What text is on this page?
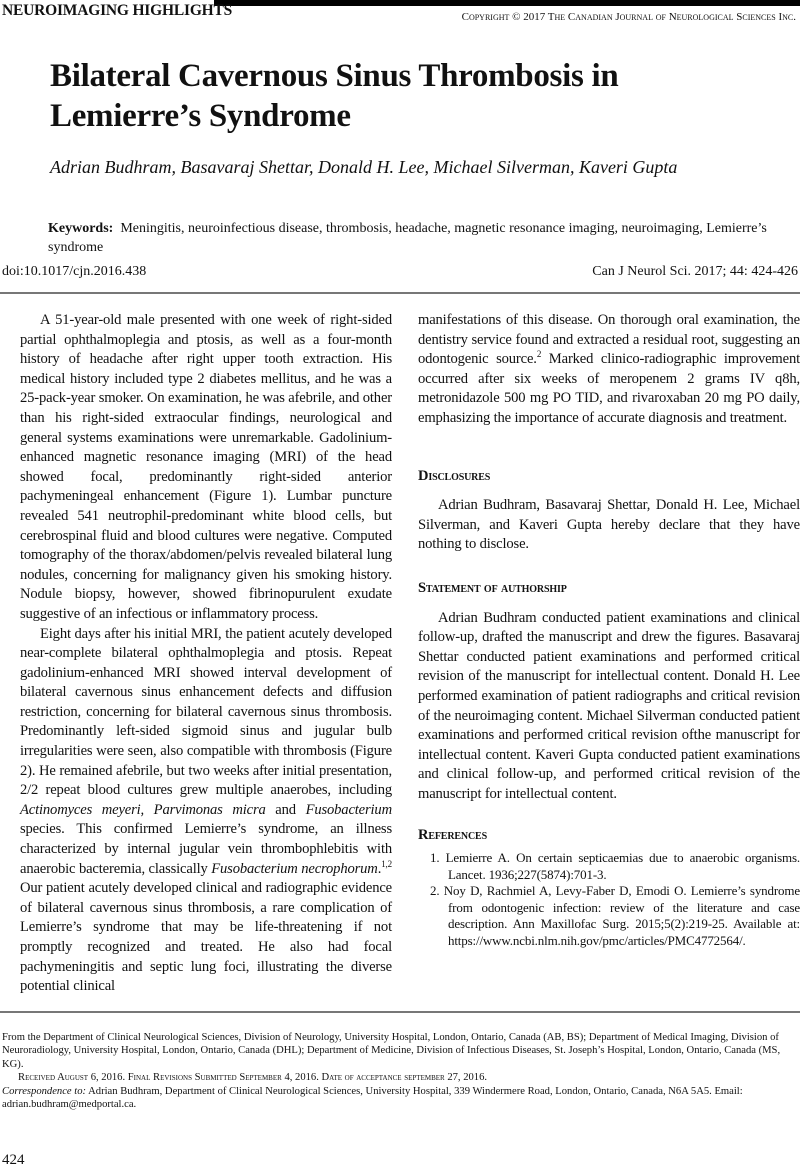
NEUROIMAGING HIGHLIGHTS	Copyright © 2017 The Canadian Journal of Neurological Sciences Inc.
Bilateral Cavernous Sinus Thrombosis in Lemierre’s Syndrome
Adrian Budhram, Basavaraj Shettar, Donald H. Lee, Michael Silverman, Kaveri Gupta
Keywords: Meningitis, neuroinfectious disease, thrombosis, headache, magnetic resonance imaging, neuroimaging, Lemierre’s syndrome
doi:10.1017/cjn.2016.438	Can J Neurol Sci. 2017; 44: 424-426

A 51-year-old male presented with one week of right-sided partial ophthalmoplegia and ptosis, as well as a four-month history of headache after right upper tooth extraction. His medical history included type 2 diabetes mellitus, and he was a 25-pack-year smoker. On examination, he was afebrile, and other than his right-sided extraocular findings, neurological and general systems examinations were unremarkable. Gadolinium-enhanced magnetic resonance imaging (MRI) of the head showed focal, predominantly right-sided anterior pachymeningeal enhancement (Figure 1). Lumbar puncture revealed 541 neutrophil-predominant white blood cells, but cerebrospinal fluid and blood cultures were negative. Computed tomography of the thorax/abdomen/pelvis revealed bilateral lung nodules, concerning for malignancy given his smoking history. Nodule biopsy, however, showed fibrinopurulent exudate suggestive of an infectious or inflammatory process.

Eight days after his initial MRI, the patient acutely developed near-complete bilateral ophthalmoplegia and ptosis. Repeat gadolinium-enhanced MRI showed interval development of bilateral cavernous sinus enhancement defects and diffusion restriction, concerning for bilateral cavernous sinus thrombosis. Predominantly left-sided sigmoid sinus and jugular bulb irregularities were seen, also compatible with thrombosis (Figure 2). He remained afebrile, but two weeks after initial presentation, 2/2 repeat blood cultures grew multiple anaerobes, including Actinomyces meyeri, Parvimonas micra and Fusobacterium species. This confirmed Lemierre’s syndrome, an illness characterized by internal jugular vein thrombophlebitis with anaerobic bacteremia, classically Fusobacterium necrophorum.$^{1,2}$ Our patient acutely developed clinical and radiographic evidence of bilateral cavernous sinus thrombosis, a rare complication of Lemierre’s syndrome that may be life-threatening if not promptly recognized and treated. He also had focal pachymeningitis and septic lung foci, illustrating the diverse potential clinical

manifestations of this disease. On thorough oral examination, the dentistry service found and extracted a residual root, suggesting an odontogenic source.$^2$ Marked clinico-radiographic improvement occurred after six weeks of meropenem 2 grams IV q8h, metronidazole 500 mg PO TID, and rivaroxaban 20 mg PO daily, emphasizing the importance of accurate diagnosis and treatment.

Disclosures

Adrian Budhram, Basavaraj Shettar, Donald H. Lee, Michael Silverman, and Kaveri Gupta hereby declare that they have nothing to disclose.

Statement of authorship

Adrian Budhram conducted patient examinations and clinical follow-up, drafted the manuscript and drew the figures. Basavaraj Shettar conducted patient examinations and performed critical revision of the manuscript for intellectual content. Donald H. Lee performed examination of patient radiographs and critical revision of the neuroimaging content. Michael Silverman conducted patient examinations and performed critical revision ofthe manuscript for intellectual content. Kaveri Gupta conducted patient examinations and clinical follow-up, and performed critical revision of the manuscript for intellectual content.

References
1. Lemierre A. On certain septicaemias due to anaerobic organisms. Lancet. 1936;227(5874):701-3.
2. Noy D, Rachmiel A, Levy-Faber D, Emodi O. Lemierre’s syndrome from odontogenic infection: review of the literature and case description. Ann Maxillofac Surg. 2015;5(2):219-25. Available at: https://www.ncbi.nlm.nih.gov/pmc/articles/PMC4772564/.

From the Department of Clinical Neurological Sciences, Division of Neurology, University Hospital, London, Ontario, Canada (AB, BS); Department of Medical Imaging, Division of Neuroradiology, University Hospital, London, Ontario, Canada (DHL); Department of Medicine, Division of Infectious Diseases, St. Joseph’s Hospital, London, Ontario, Canada (MS, KG).

Received August 6, 2016. Final Revisions Submitted September 4, 2016. Date of acceptance september 27, 2016.

Correspondence to: Adrian Budhram, Department of Clinical Neurological Sciences, University Hospital, 339 Windermere Road, London, Ontario, Canada, N6A 5A5. Email: adrian.budhram@medportal.ca.

424
